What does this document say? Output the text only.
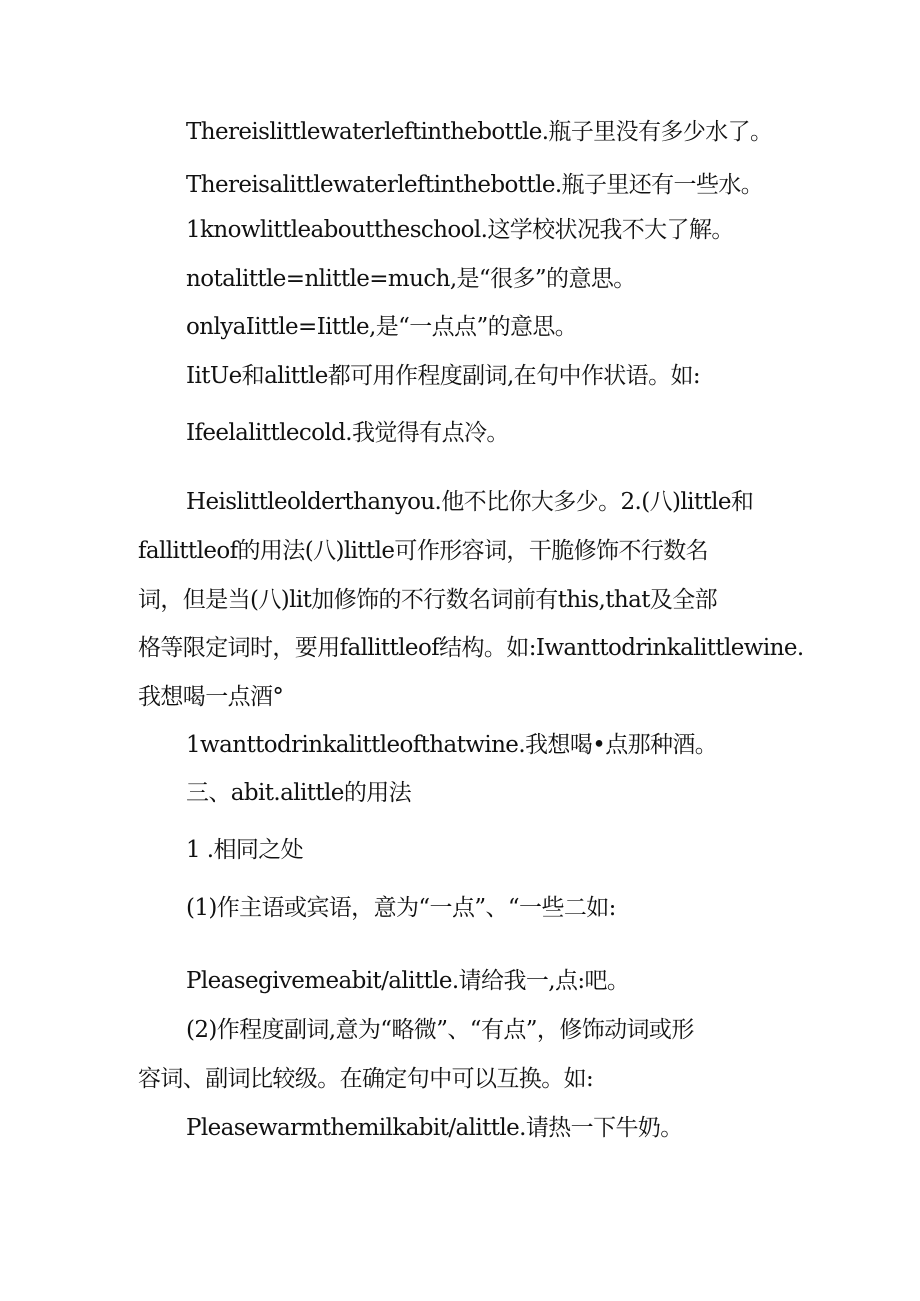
Thereislittlewaterleftinthebottle.瓶子里没有多少水了。
Thereisalittlewaterleftinthebottle.瓶子里还有一些水。
1knowlittleabouttheschool.这学校状况我不大了解。
notalittle=nlittle=much,是“很多”的意思。
onlyaIittle=Iittle,是“一点点”的意思。
IitUe和alittle都可用作程度副词,在句中作状语。如:
Ifeelalittlecold.我觉得有点冷。
Heislittleolderthanyou.他不比你大多少。2.(八)little和
fallittleof的用法(八)little可作形容词，干脆修饰不行数名
词，但是当(八)lit加修饰的不行数名词前有this,that及全部
格等限定词时，要用fallittleof结构。如:Iwanttodrinkalittlewine.
我想喝一点酒°
1wanttodrinkalittleofthatwine.我想喝•点那种酒。
三、abit.alittle的用法
1 .相同之处
(1)作主语或宾语，意为“一点”、“一些二如:
Pleasegivemeabit/alittle.请给我一,点:吧。
(2)作程度副词,意为“略微”、“有点”，修饰动词或形
容词、副词比较级。在确定句中可以互换。如:
Pleasewarmthemilkabit/alittle.请热一下牛奶。
